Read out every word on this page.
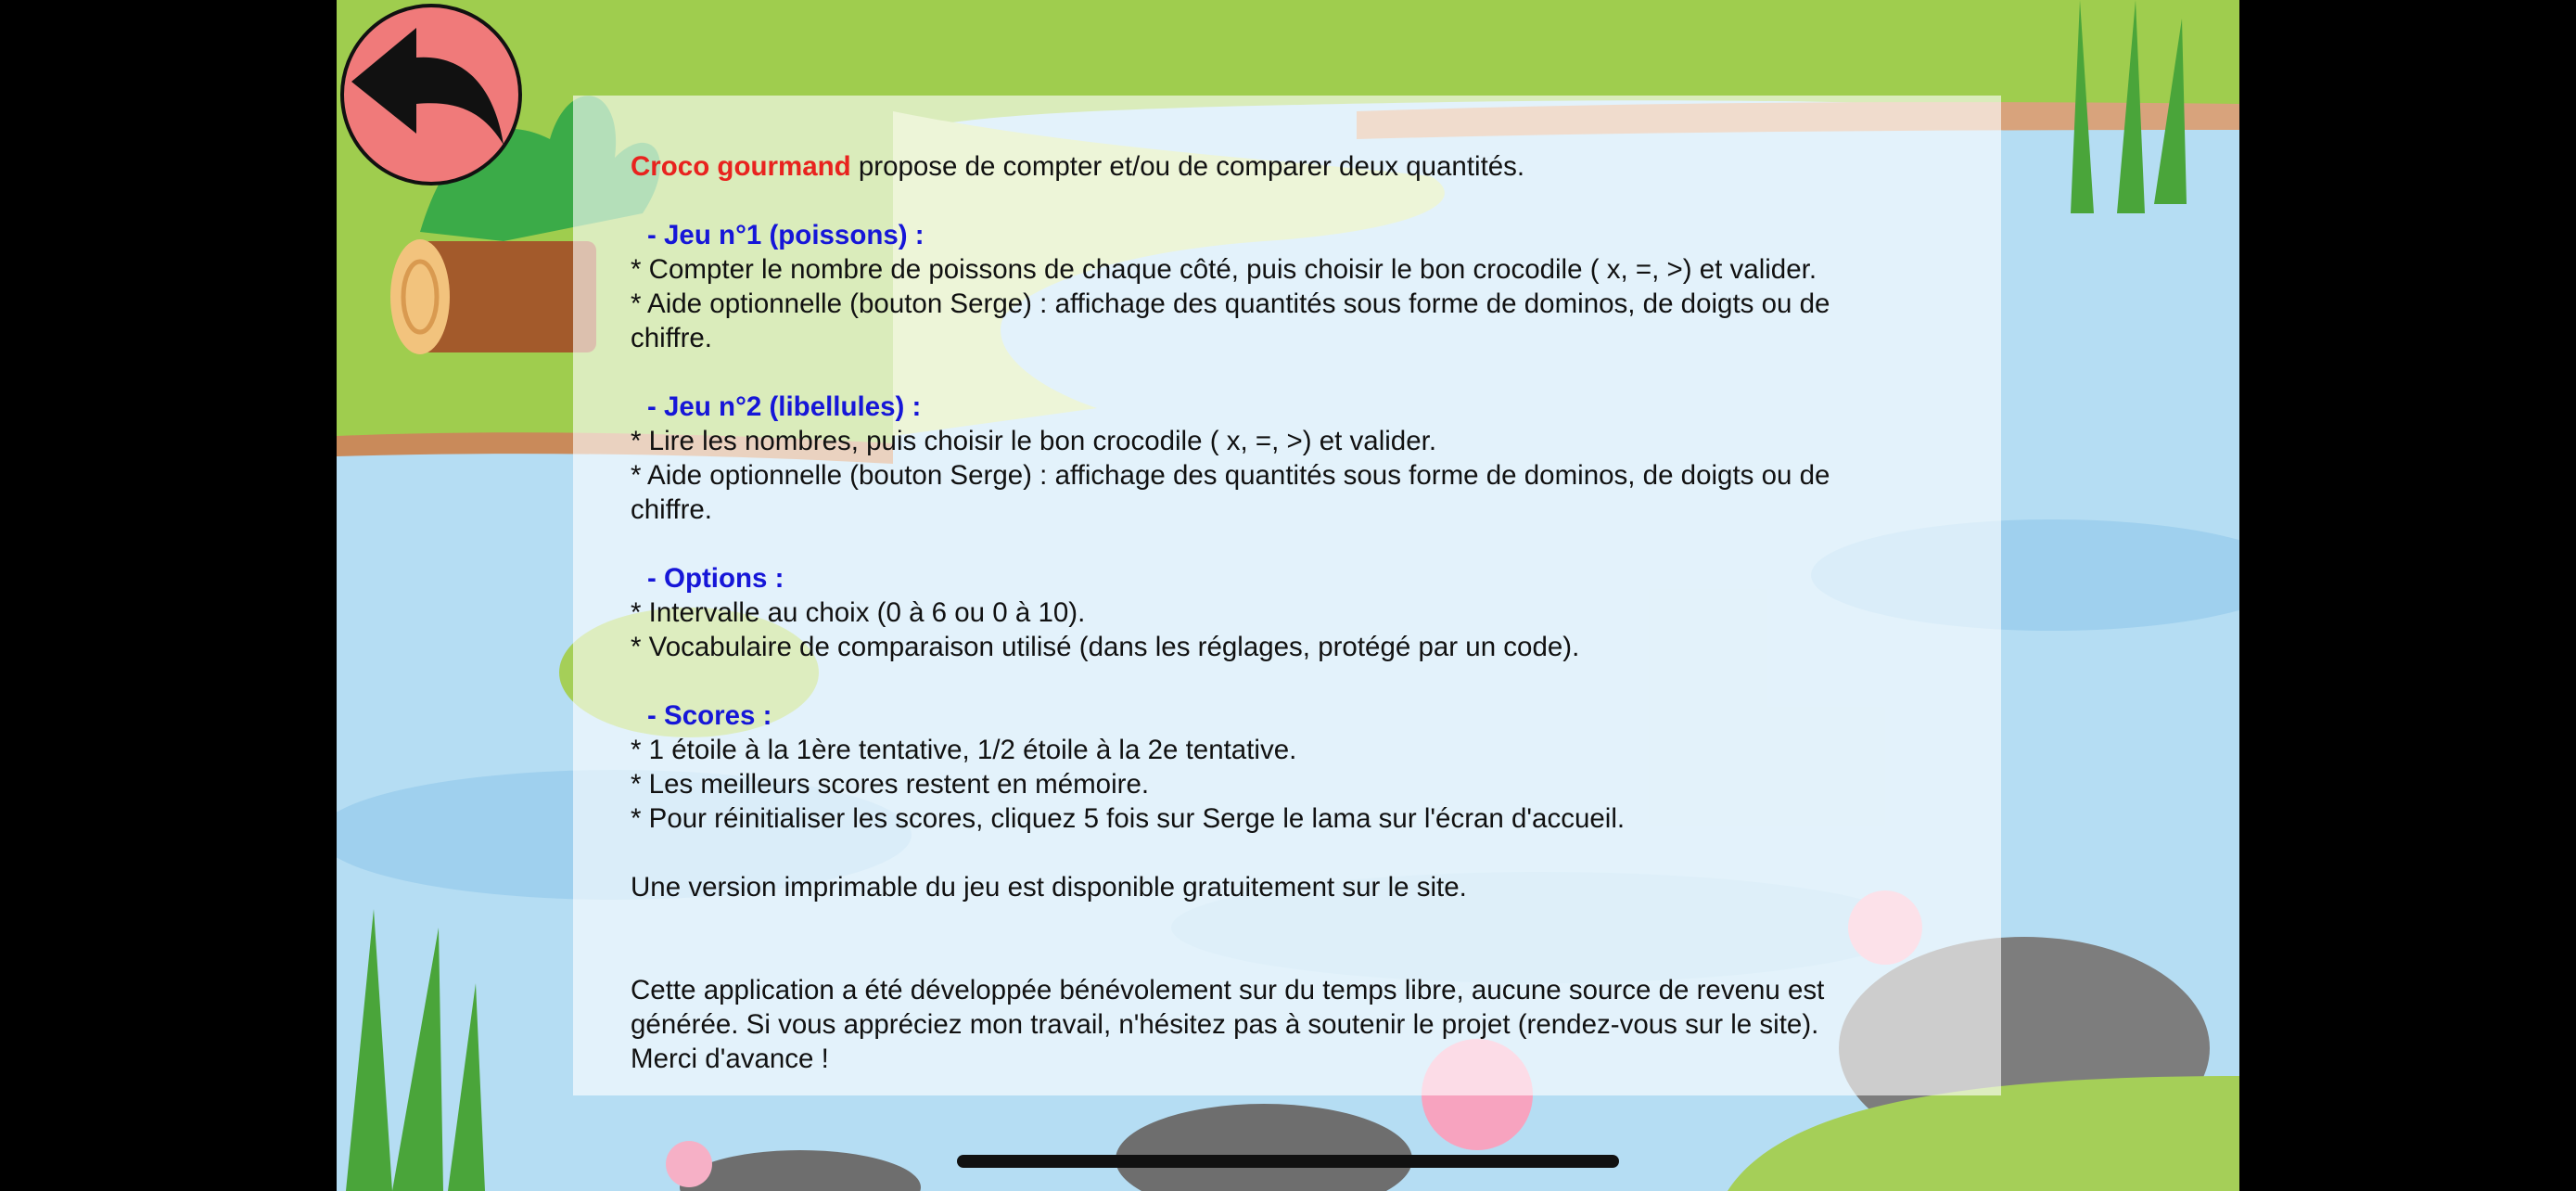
Croco gourmand propose de compter et/ou de comparer deux quantités.

- Jeu n°1 (poissons) :

* Compter le nombre de poissons de chaque côté, puis choisir le bon crocodile ( x, =, >) et valider.

* Aide optionnelle (bouton Serge) : affichage des quantités sous forme de dominos, de doigts ou de

chiffre.

- Jeu n°2 (libellules) :

* Lire les nombres, puis choisir le bon crocodile ( x, =, >) et valider.

* Aide optionnelle (bouton Serge) : affichage des quantités sous forme de dominos, de doigts ou de

chiffre.

- Options :

* Intervalle au choix (0 à 6 ou 0 à 10).

* Vocabulaire de comparaison utilisé (dans les réglages, protégé par un code).

- Scores :

* 1 étoile à la 1ère tentative, 1/2 étoile à la 2e tentative.

* Les meilleurs scores restent en mémoire.

* Pour réinitialiser les scores, cliquez 5 fois sur Serge le lama sur l'écran d'accueil.

Une version imprimable du jeu est disponible gratuitement sur le site.

Cette application a été développée bénévolement sur du temps libre, aucune source de revenu est

générée. Si vous appréciez mon travail, n'hésitez pas à soutenir le projet (rendez-vous sur le site).

Merci d'avance !
